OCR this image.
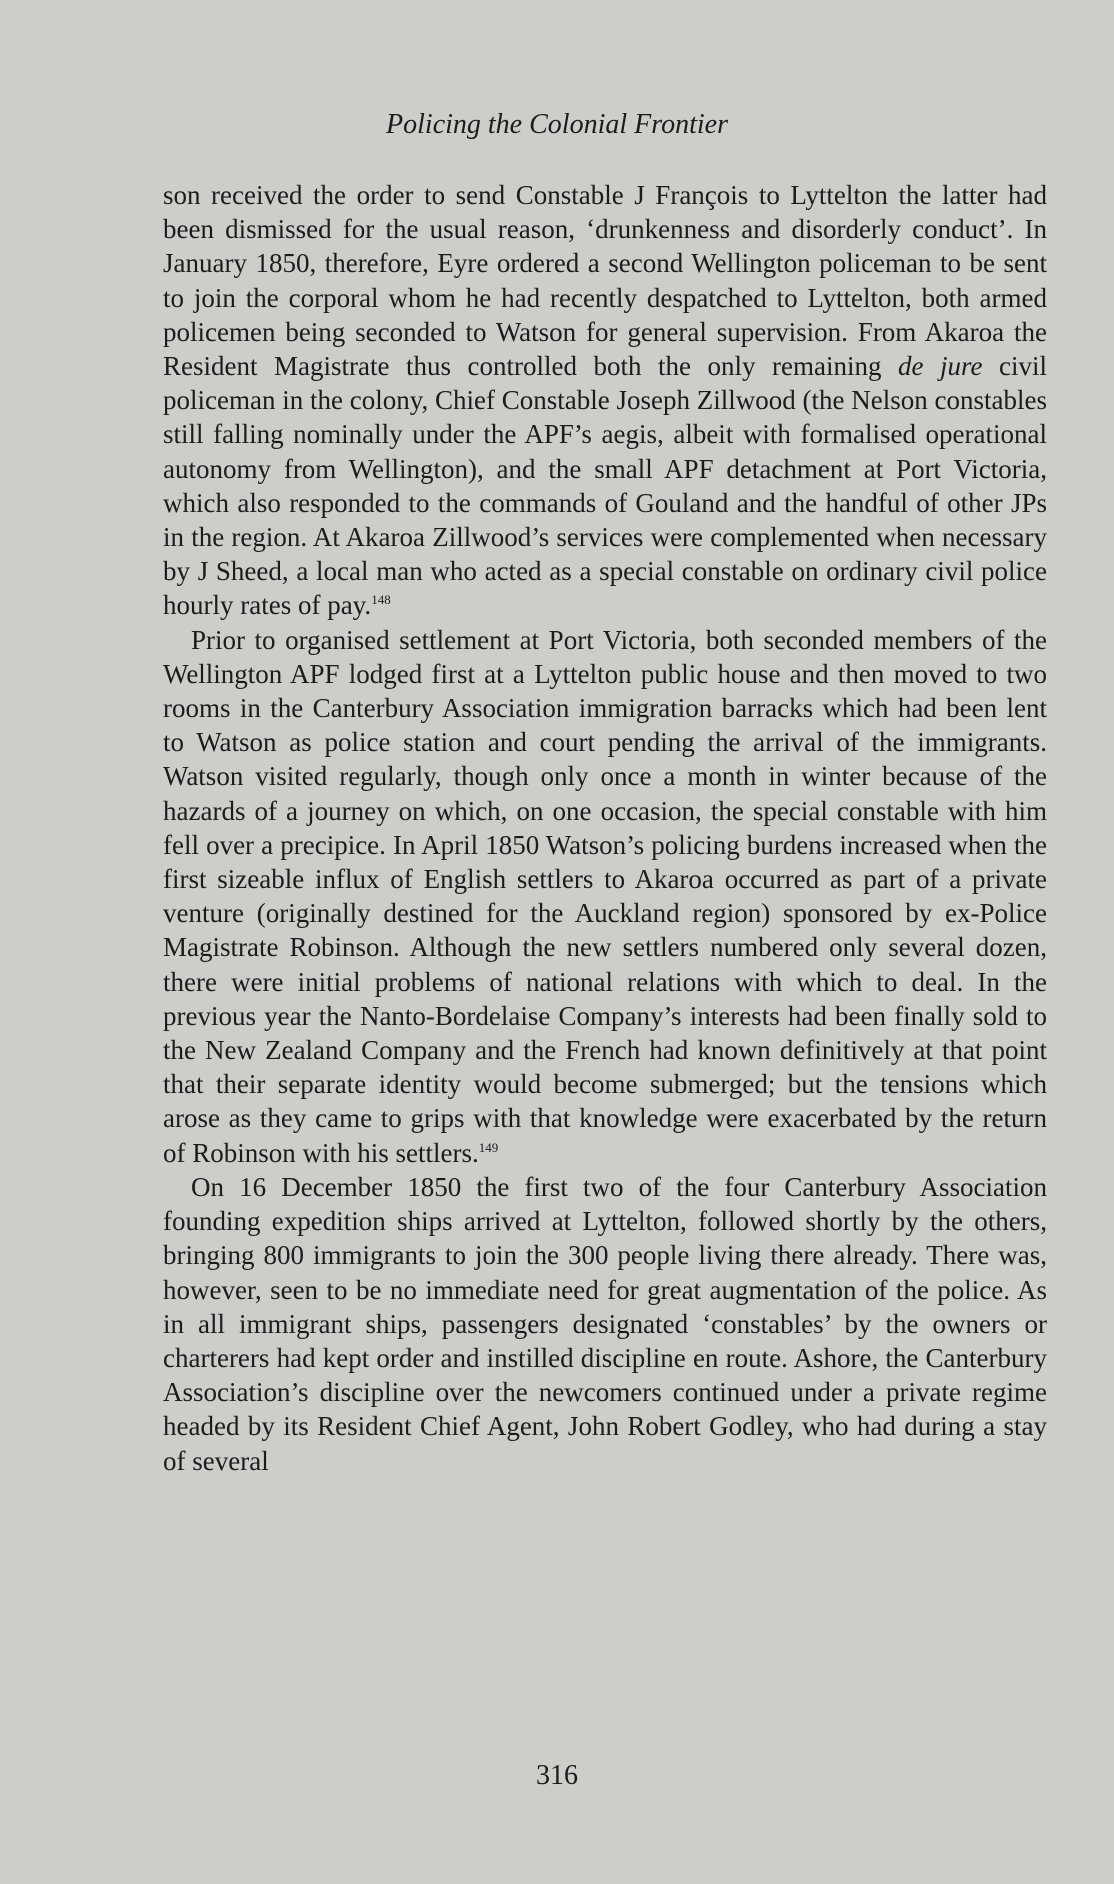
Policing the Colonial Frontier

son received the order to send Constable J François to Lyttelton the latter had been dismissed for the usual reason, ‘drunkenness and disorderly conduct’. In January 1850, therefore, Eyre ordered a second Wellington policeman to be sent to join the corporal whom he had recently despatched to Lyttelton, both armed policemen being seconded to Watson for general supervision. From Akaroa the Resident Magistrate thus controlled both the only remaining de jure civil policeman in the colony, Chief Constable Joseph Zillwood (the Nelson constables still falling nominally under the APF’s aegis, albeit with formalised operational autonomy from Wellington), and the small APF detachment at Port Victoria, which also responded to the commands of Gouland and the handful of other JPs in the region. At Akaroa Zillwood’s services were complemented when necessary by J Sheed, a local man who acted as a special constable on ordinary civil police hourly rates of pay.$^{148}$

Prior to organised settlement at Port Victoria, both seconded members of the Wellington APF lodged first at a Lyttelton public house and then moved to two rooms in the Canterbury Association immigration barracks which had been lent to Watson as police station and court pending the arrival of the immigrants. Watson visited regularly, though only once a month in winter because of the hazards of a journey on which, on one occasion, the special constable with him fell over a precipice. In April 1850 Watson’s policing burdens increased when the first sizeable influx of English settlers to Akaroa occurred as part of a private venture (originally destined for the Auckland region) sponsored by ex-Police Magistrate Robinson. Although the new settlers numbered only several dozen, there were initial problems of national relations with which to deal. In the previous year the Nanto-Bordelaise Company’s interests had been finally sold to the New Zealand Company and the French had known definitively at that point that their separate identity would become submerged; but the tensions which arose as they came to grips with that knowledge were exacerbated by the return of Robinson with his settlers.$^{149}$

On 16 December 1850 the first two of the four Canterbury Association founding expedition ships arrived at Lyttelton, followed shortly by the others, bringing 800 immigrants to join the 300 people living there already. There was, however, seen to be no immediate need for great augmentation of the police. As in all immigrant ships, passengers designated ‘constables’ by the owners or charterers had kept order and instilled discipline en route. Ashore, the Canterbury Association’s discipline over the newcomers continued under a private regime headed by its Resident Chief Agent, John Robert Godley, who had during a stay of several

316
